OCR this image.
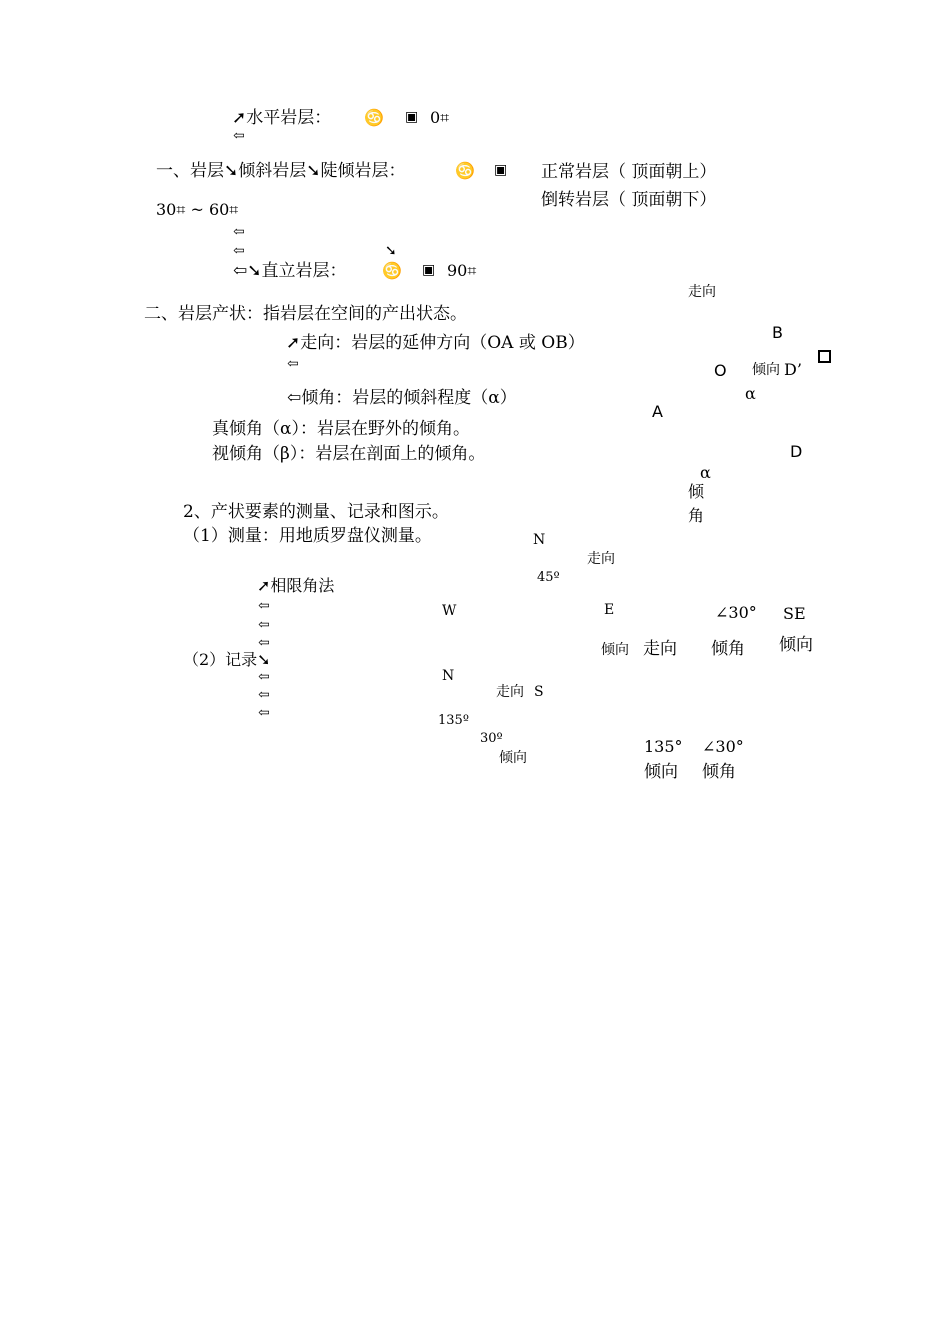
➚水平岩层： ♋ ▣ 0⌗
⇦
一、岩层➘倾斜岩层➘陡倾岩层：	♋ ▣ 正常岩层（ 顶面朝上）
倒转岩层（ 顶面朝下）
30⌗ ~ 60⌗
⇦
⇦	➘
⇦➘直立岩层： ♋ ▣ 90⌗
二、岩层产状：指岩层在空间的产出状态。
➚走向：岩层的延伸方向（OA 或 OB）
⇦
⇦倾角：岩层的倾斜程度（α）
真倾角（α）：岩层在野外的倾角。
视倾角（β）：岩层在剖面上的倾角。
2、产状要素的测量、记录和图示。
（1）测量：用地质罗盘仪测量。
➚相限角法
⇦
⇦
⇦
（2）记录➘
⇦
⇦
⇦
走向
B
O 倾向 D’
α
A
D
α
倾
角
N
走向
45º
W	E	∠30° SE
倾向 走向 倾角 倾向
N
走向 S
135º
30º
倾向
135° ∠30°
倾向 倾角
